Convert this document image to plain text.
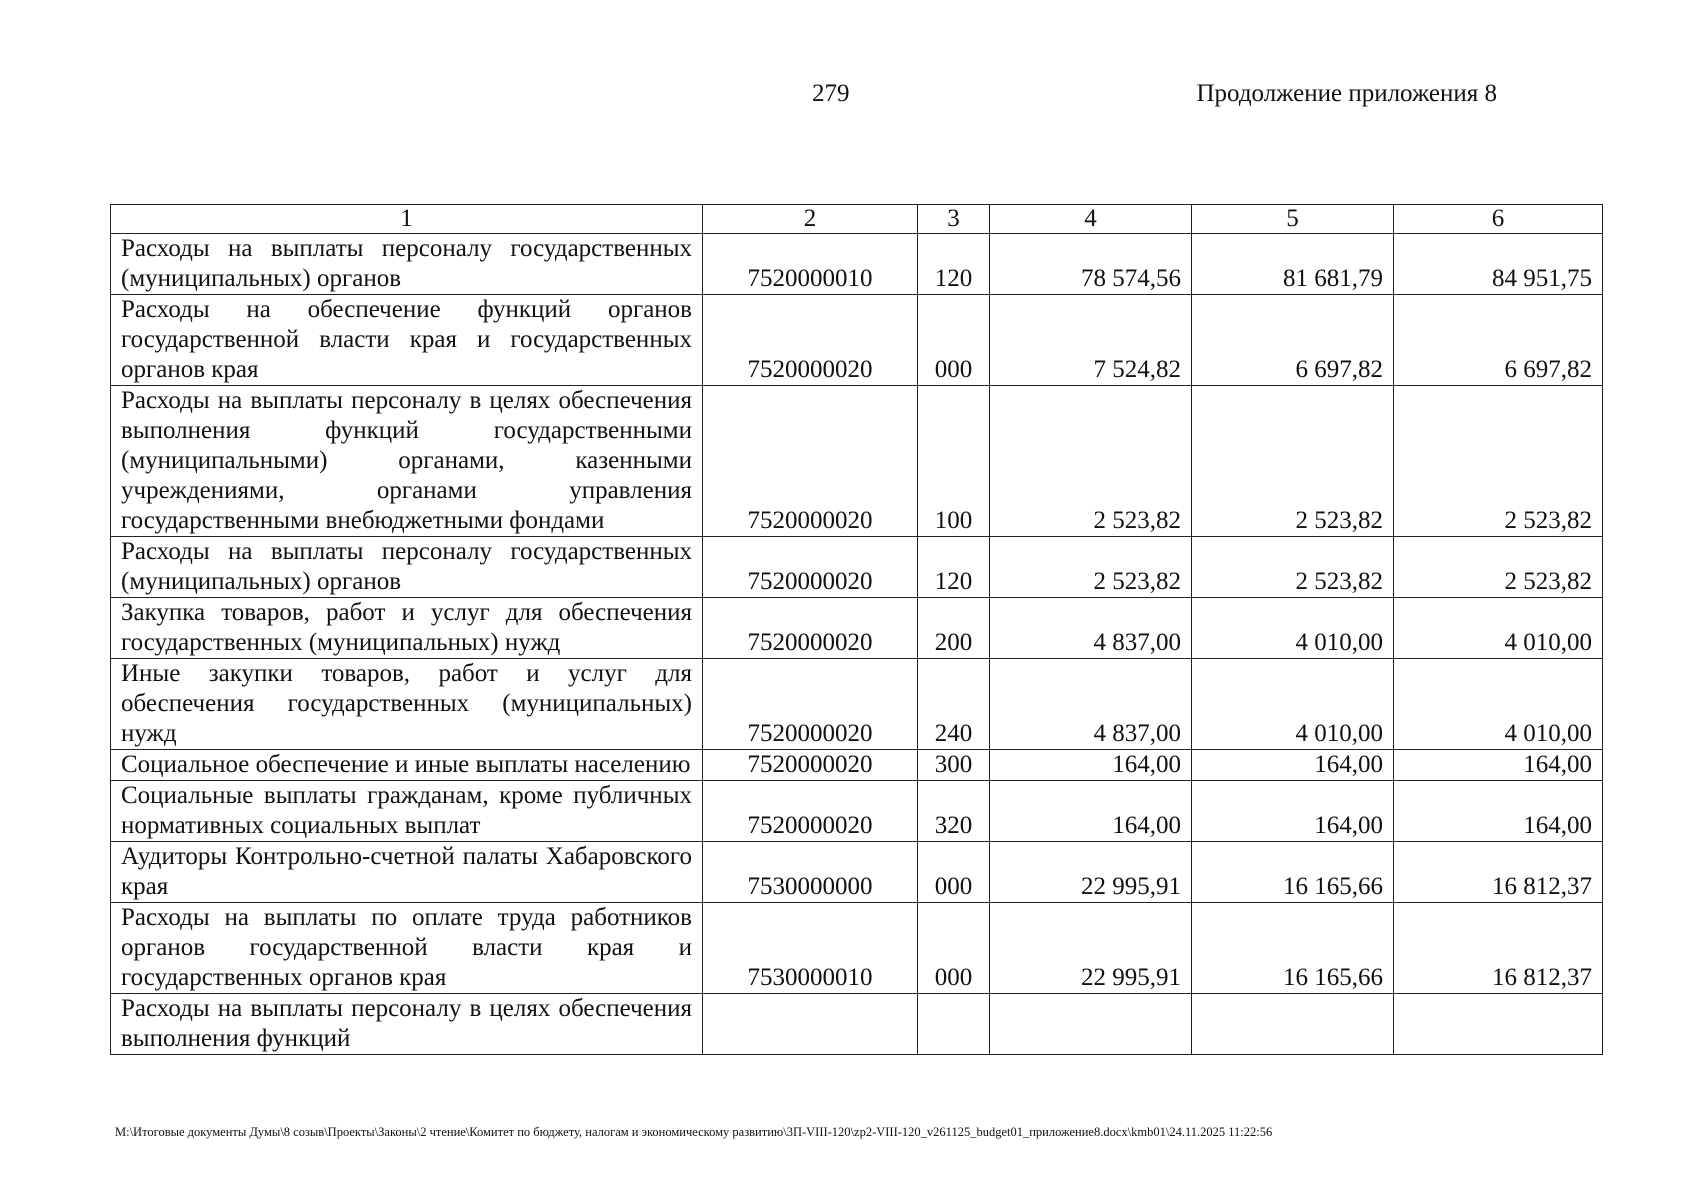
279	Продолжение приложения 8
1	2	3	4	5	6
Расходы на выплаты персоналу государственных (муниципальных) органов	7520000010	120	78 574,56	81 681,79	84 951,75
Расходы на обеспечение функций органов государственной власти края и государственных органов края	7520000020	000	7 524,82	6 697,82	6 697,82
Расходы на выплаты персоналу в целях обеспечения выполнения функций государственными (муниципальными) органами, казенными учреждениями, органами управления государственными внебюджетными фондами	7520000020	100	2 523,82	2 523,82	2 523,82
Расходы на выплаты персоналу государственных (муниципальных) органов	7520000020	120	2 523,82	2 523,82	2 523,82
Закупка товаров, работ и услуг для обеспечения государственных (муниципальных) нужд	7520000020	200	4 837,00	4 010,00	4 010,00
Иные закупки товаров, работ и услуг для обеспечения государственных (муниципальных) нужд	7520000020	240	4 837,00	4 010,00	4 010,00
Социальное обеспечение и иные выплаты населению	7520000020	300	164,00	164,00	164,00
Социальные выплаты гражданам, кроме публичных нормативных социальных выплат	7520000020	320	164,00	164,00	164,00
Аудиторы Контрольно-счетной палаты Хабаровского края	7530000000	000	22 995,91	16 165,66	16 812,37
Расходы на выплаты по оплате труда работников органов государственной власти края и государственных органов края	7530000010	000	22 995,91	16 165,66	16 812,37
Расходы на выплаты персоналу в целях обеспечения выполнения функций					
M:\Итоговые документы Думы\8 созыв\Проекты\Законы\2 чтение\Комитет по бюджету, налогам и экономическому развитию\3П-VIII-120\zp2-VIII-120_v261125_budget01_приложение8.docx\kmb01\24.11.2025 11:22:56
